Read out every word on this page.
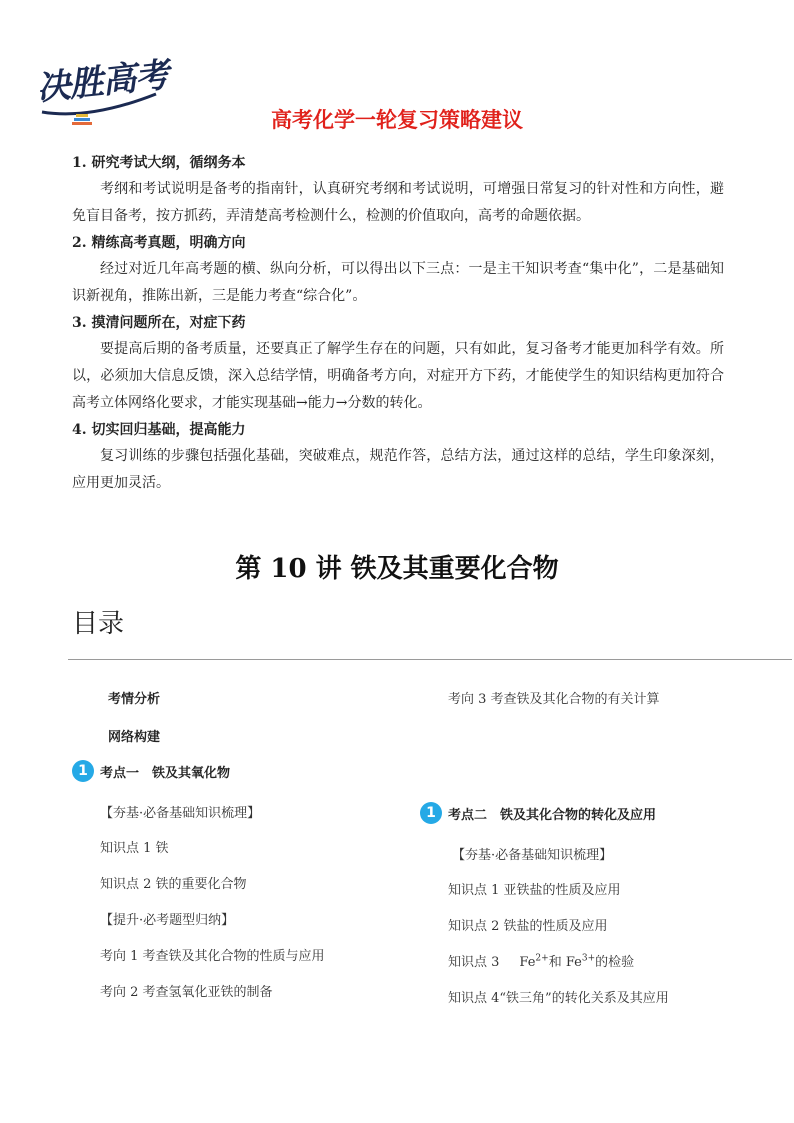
决胜高考
高考化学一轮复习策略建议

1. 研究考试大纲，循纲务本

考纲和考试说明是备考的指南针，认真研究考纲和考试说明，可增强日常复习的针对性和方向性，避免盲目备考，按方抓药，弄清楚高考检测什么，检测的价值取向，高考的命题依据。

2. 精练高考真题，明确方向

经过对近几年高考题的横、纵向分析，可以得出以下三点：一是主干知识考查“集中化”，二是基础知识新视角，推陈出新，三是能力考查“综合化”。

3. 摸清问题所在，对症下药

要提高后期的备考质量，还要真正了解学生存在的问题，只有如此，复习备考才能更加科学有效。所以，必须加大信息反馈，深入总结学情，明确备考方向，对症开方下药，才能使学生的知识结构更加符合高考立体网络化要求，才能实现基础→能力→分数的转化。

4. 切实回归基础，提高能力

复习训练的步骤包括强化基础，突破难点，规范作答，总结方法，通过这样的总结，学生印象深刻，应用更加灵活。

第 10 讲 铁及其重要化合物
目录
考情分析
网络构建
1 考点一　铁及其氧化物
【夯基·必备基础知识梳理】
知识点 1 铁
知识点 2 铁的重要化合物
【提升·必考题型归纳】
考向 1 考查铁及其化合物的性质与应用
考向 2 考查氢氧化亚铁的制备
考向 3 考查铁及其化合物的有关计算
1 考点二　铁及其化合物的转化及应用
【夯基·必备基础知识梳理】
知识点 1 亚铁盐的性质及应用
知识点 2 铁盐的性质及应用
知识点 3 $Fe^{2+}$和 $Fe^{3+}$的检验
知识点 4“铁三角”的转化关系及其应用
